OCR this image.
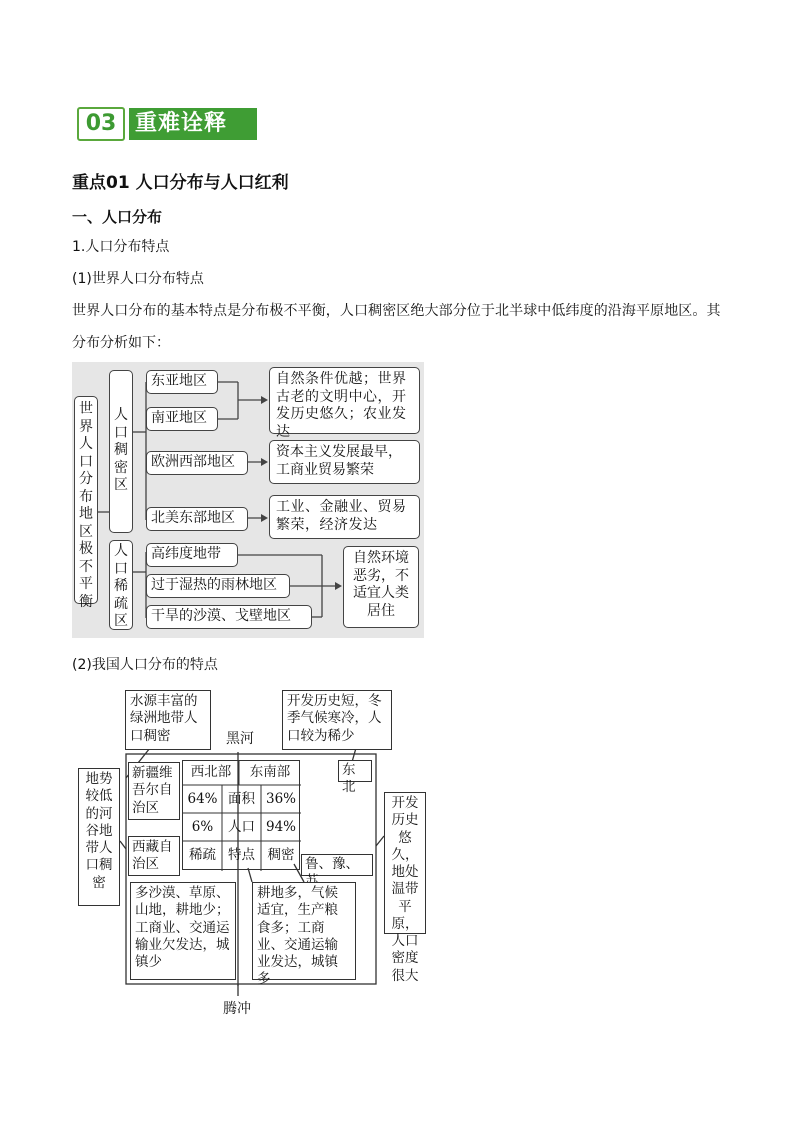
03 重难诠释
重点01 人口分布与人口红利
一、人口分布
1.人口分布特点
(1)世界人口分布特点
世界人口分布的基本特点是分布极不平衡，人口稠密区绝大部分位于北半球中低纬度的沿海平原地区。其
分布分析如下：
世界人口分布地区极不平衡
人口稠密区
人口稀疏区
东亚地区
南亚地区
欧洲西部地区
北美东部地区
自然条件优越；世界古老的文明中心，开发历史悠久；农业发达
资本主义发展最早，工商业贸易繁荣
工业、金融业、贸易繁荣，经济发达
高纬度地带
过于湿热的雨林地区
干旱的沙漠、戈壁地区
自然环境恶劣，不适宜人类居住
(2)我国人口分布的特点
水源丰富的绿洲地带人口稠密
开发历史短，冬季气候寒冷，人口较为稀少
黑河
腾冲
地势较低的河谷地带人口稠密
开发历史悠久，地处温带平原，人口密度很大
新疆维吾尔自治区
西藏自治区
东北
鲁、豫、
西北部	东南部
64% 面积 36%
6%	人口 94%
稀疏 特点 稠密
多沙漠、草原、山地，耕地少；工商业、交通运输业欠发达，城镇少
耕地多，气候适宜，生产粮食多；工商业、交通运输业发达，城镇多
